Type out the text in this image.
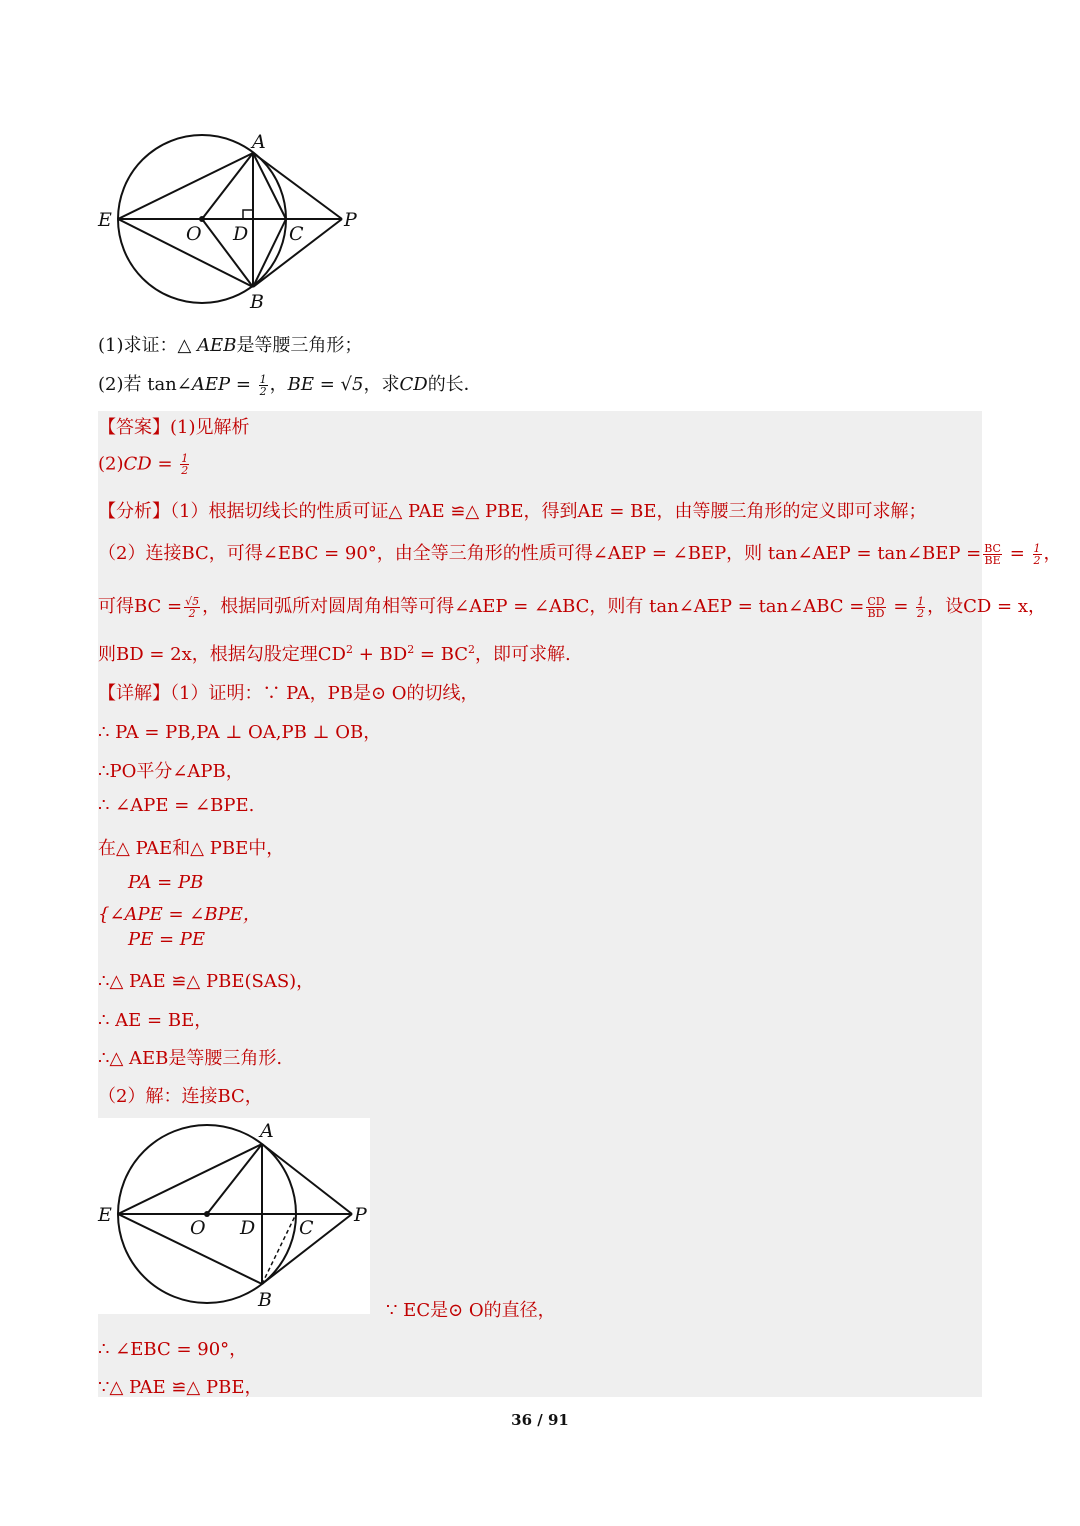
A
E
O D C
P
B
(1)求证：△ AEB是等腰三角形；
(2)若 tan∠AEP = $\frac{1}{2}$ ，BE = √5，求CD的长．
【答案】(1)见解析
$(2)CD = \frac{1}{2}$
【分析】（1）根据切线长的性质可证△ PAE ≌△ PBE，得到AE = BE，由等腰三角形的定义即可求解；
（2）连接BC，可得∠EBC = 90°，由全等三角形的性质可得∠AEP = ∠BEP，则 tan∠AEP = tan∠BEP = $\frac{BC}{BE} = \frac{1}{2}$ ，
可得BC = $\frac{√5}{2}$ ，根据同弧所对圆周角相等可得∠AEP = ∠ABC，则有 tan∠AEP = tan∠ABC = $\frac{CD}{BD} = \frac{1}{2}$ ，设CD = x，
则BD = 2x，根据勾股定理$CD^2 + BD^2 = BC^2$，即可求解.
【详解】（1）证明：∵ PA，PB是⊙ O的切线，
∴ PA = PB,PA ⊥ OA,PB ⊥ OB，
∴PO平分∠APB，
∴ ∠APE = ∠BPE.
在△ PAE和△ PBE中，
PA = PB
{∠APE = ∠BPE，
PE = PE
∴△ PAE ≌△ PBE(SAS)，
∴ AE = BE，
∴△ AEB是等腰三角形.
（2）解：连接BC，
A
E
O D C
P
B	∵ EC是⊙ O的直径，
∴ ∠EBC = 90°，
∵△ PAE ≌△ PBE，
36 / 91
